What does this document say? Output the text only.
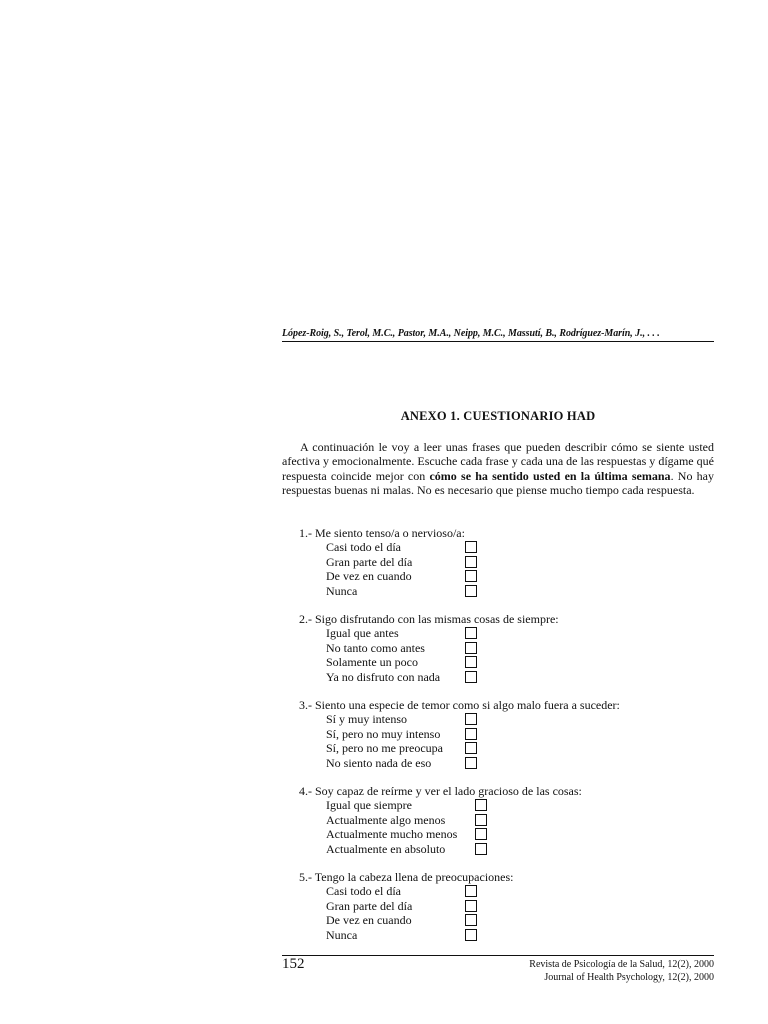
López-Roig, S., Terol, M.C., Pastor, M.A., Neipp, M.C., Massutí, B., Rodríguez-Marín, J., . . .
ANEXO 1. CUESTIONARIO HAD

A continuación le voy a leer unas frases que pueden describir cómo se siente usted afectiva y emocionalmente. Escuche cada frase y cada una de las respuestas y dígame qué respuesta coincide mejor con cómo se ha sentido usted en la última semana. No hay respuestas buenas ni malas. No es necesario que piense mucho tiempo cada respuesta.

1.- Me siento tenso/a o nervioso/a:
Casi todo el día
Gran parte del día
De vez en cuando
Nunca
2.- Sigo disfrutando con las mismas cosas de siempre:
Igual que antes
No tanto como antes
Solamente un poco
Ya no disfruto con nada
3.- Siento una especie de temor como si algo malo fuera a suceder:
Sí y muy intenso
Sí, pero no muy intenso
Sí, pero no me preocupa
No siento nada de eso
4.- Soy capaz de reírme y ver el lado gracioso de las cosas:
Igual que siempre
Actualmente algo menos
Actualmente mucho menos
Actualmente en absoluto
5.- Tengo la cabeza llena de preocupaciones:
Casi todo el día
Gran parte del día
De vez en cuando
Nunca
152	Revista de Psicología de la Salud, 12(2), 2000
Journal of Health Psychology, 12(2), 2000
